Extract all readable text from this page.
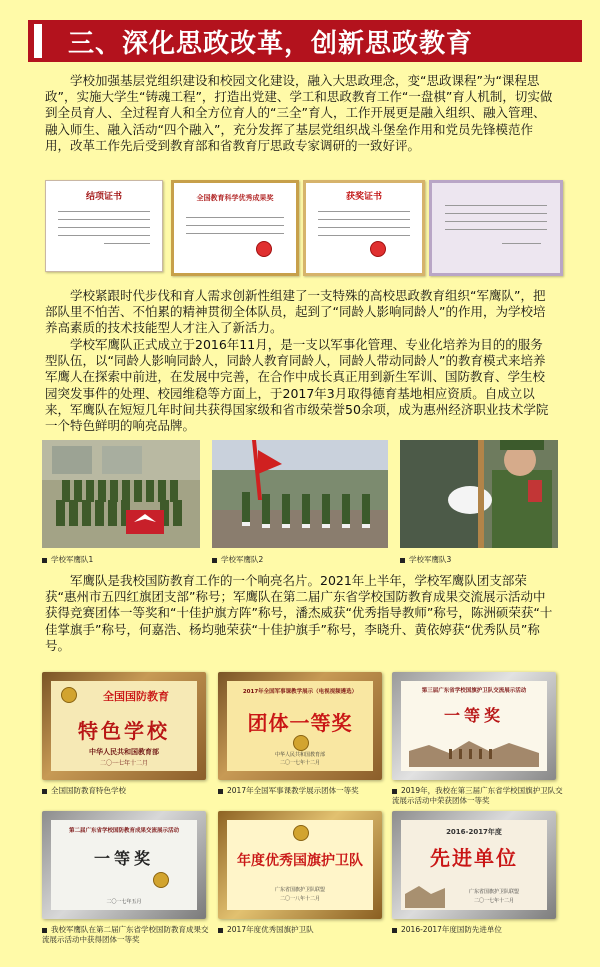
三、深化思政改革，创新思政教育
学校加强基层党组织建设和校园文化建设，融入大思政理念，变“思政课程”为“课程思政”，实施大学生“铸魂工程”，打造出党建、学工和思政教育工作“一盘棋”育人机制，切实做到全员育人、全过程育人和全方位育人的“三全”育人，工作开展更是融入组织、融入管理、融入师生、融入活动“四个融入”，充分发挥了基层党组织战斗堡垒作用和党员先锋模范作用，改革工作先后受到教育部和省教育厅思政专家调研的一致好评。
结项证书	全国教育科学优秀成果奖	获奖证书
学校紧跟时代步伐和育人需求创新性组建了一支特殊的高校思政教育组织“军鹰队”，把部队里不怕苦、不怕累的精神贯彻全体队员，起到了“同龄人影响同龄人”的作用，为学校培养高素质的技术技能型人才注入了新活力。
学校军鹰队正式成立于2016年11月，是一支以军事化管理、专业化培养为目的的服务型队伍，以“同龄人影响同龄人，同龄人教育同龄人，同龄人带动同龄人”的教育模式来培养军鹰人在探索中前进，在发展中完善，在合作中成长真正用到新生军训、国防教育、学生校园突发事件的处理、校园维稳等方面上，于2017年3月取得德育基地相应资质。自成立以来，军鹰队在短短几年时间共获得国家级和省市级荣誉50余项，成为惠州经济职业技术学院一个特色鲜明的响亮品牌。
学校军鹰队1	学校军鹰队2	学校军鹰队3
军鹰队是我校国防教育工作的一个响亮名片。2021年上半年，学校军鹰队团支部荣获“惠州市五四红旗团支部”称号；军鹰队在第二届广东省学校国防教育成果交流展示活动中获得竞赛团体一等奖和“十佳护旗方阵”称号，潘杰威获“优秀指导教师”称号，陈洲硕荣获“十佳掌旗手”称号，何嘉浩、杨均驰荣获“十佳护旗手”称号，李晓升、黄依婷获“优秀队员”称号。
全国国防教育
特色学校
中华人民共和国教育部
二〇一七年十二月
2017年全国军事课教学展示（电视视频遴选）
团体一等奖
中华人民共和国教育部
二〇一七年十二月
第三届广东省学校国旗护卫队交流展示活动
一等奖
全国国防教育特色学校	2017年全国军事课教学展示团体一等奖	2019年，我校在第三届广东省学校国旗护卫队交流展示活动中荣获团体一等奖
第二届广东省学校国防教育成果交流展示活动
一等奖
二〇一七年五月
年度优秀国旗护卫队
广东省国旗护卫队联盟
二〇一八年十二月
2016-2017年度
先进单位
广东省国旗护卫队联盟
二〇一七年十二月
我校军鹰队在第二届广东省学校国防教育成果交流展示活动中获得团体一等奖
2017年度优秀国旗护卫队	2016-2017年度国防先进单位
